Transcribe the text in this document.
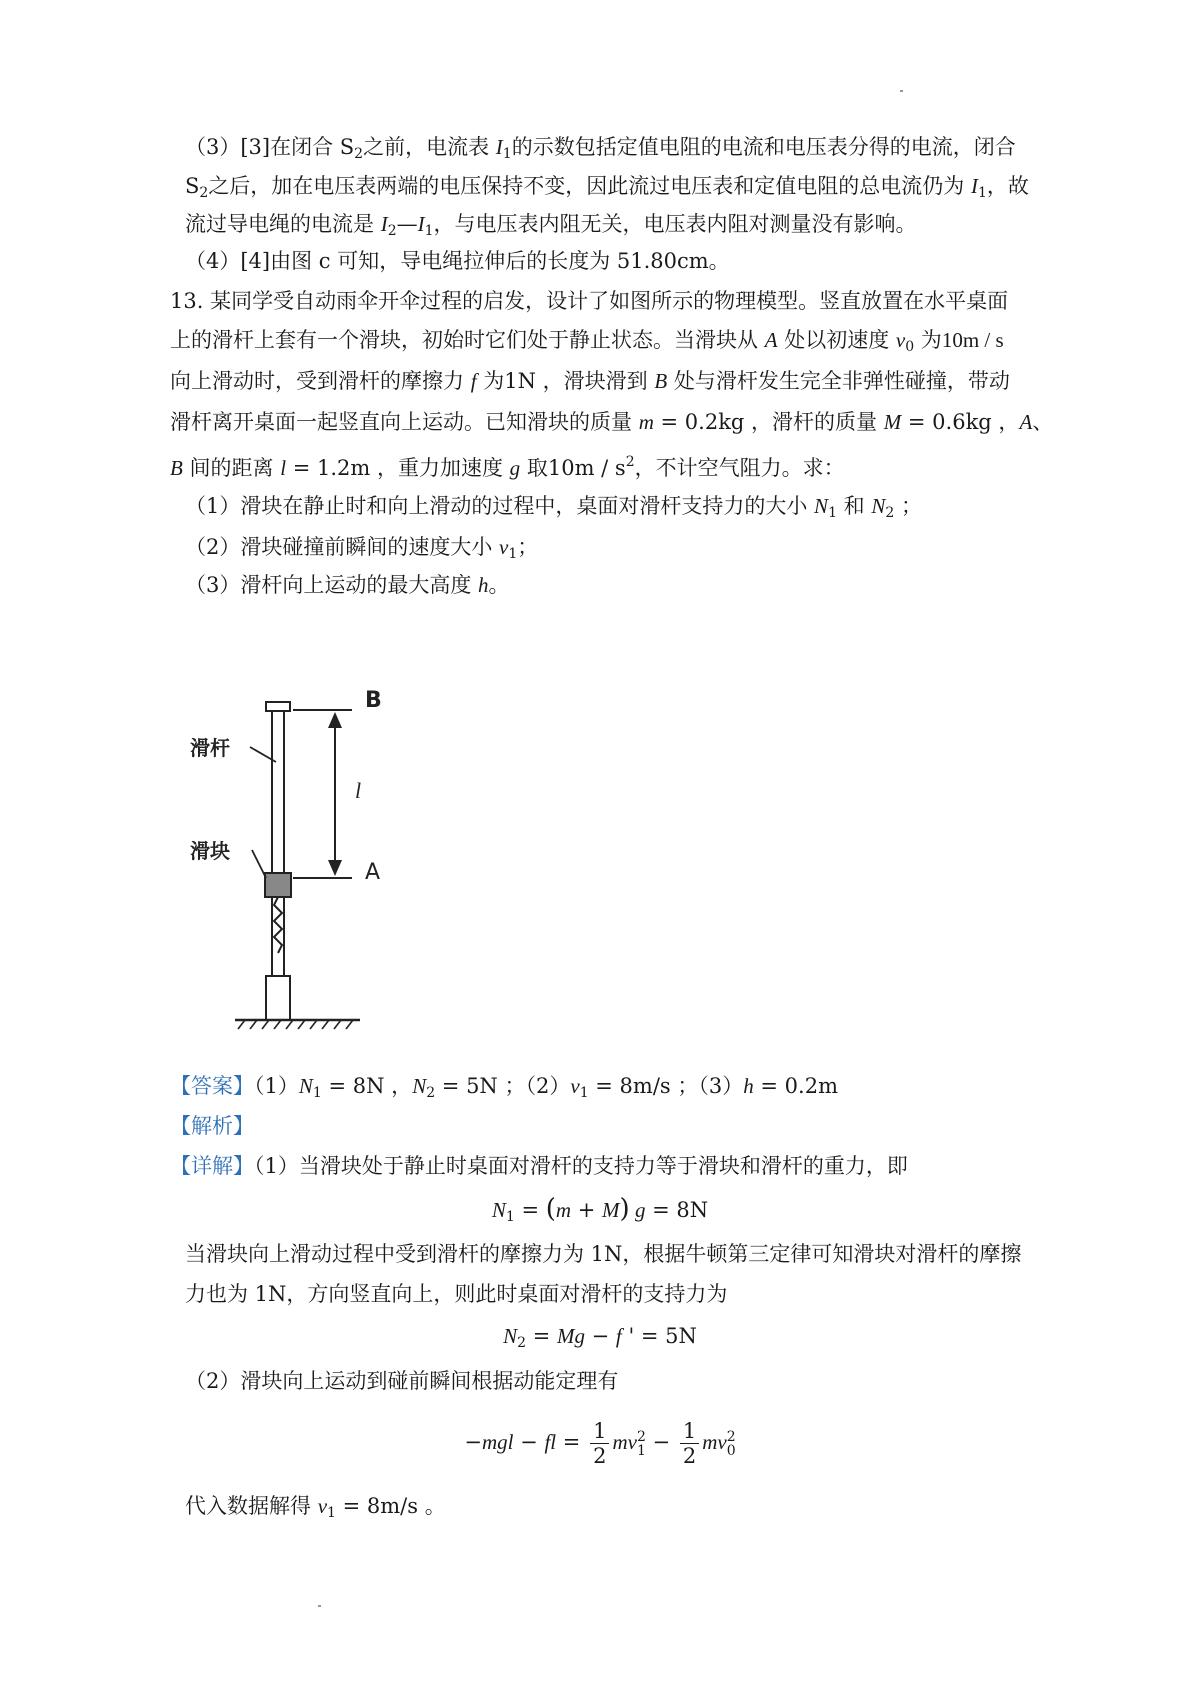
（3）[3]在闭合 $S_2$之前，电流表 $I_1$的示数包括定值电阻的电流和电压表分得的电流，闭合
$S_2$之后，加在电压表两端的电压保持不变，因此流过电压表和定值电阻的总电流仍为 $I_1$，故
流过导电绳的电流是 $I_2—I_1$，与电压表内阻无关，电压表内阻对测量没有影响。
（4）[4]由图 c 可知，导电绳拉伸后的长度为 51.80cm。
13. 某同学受自动雨伞开伞过程的启发，设计了如图所示的物理模型。竖直放置在水平桌面
上的滑杆上套有一个滑块，初始时它们处于静止状态。当滑块从 A 处以初速度 $v_0$ 为10m / s
向上滑动时，受到滑杆的摩擦力 f 为1N ，滑块滑到 B 处与滑杆发生完全非弹性碰撞，带动
滑杆离开桌面一起竖直向上运动。已知滑块的质量 m = 0.2kg ，滑杆的质量 M = 0.6kg ，A、
B 间的距离 l = 1.2m ，重力加速度 g 取$10m / s^2$，不计空气阻力。求：
（1）滑块在静止时和向上滑动的过程中，桌面对滑杆支持力的大小 $N_1$ 和 $N_2$ ；
（2）滑块碰撞前瞬间的速度大小 $v_1$；
（3）滑杆向上运动的最大高度 h。
B
A
l
滑杆
滑块
【答案】$(1)N_1 = 8N$ ，$N_2 = 5N$ ；$(2)v_1 = 8m/s$ ；（3）h = 0.2m
【解析】
【详解】（1）当滑块处于静止时桌面对滑杆的支持力等于滑块和滑杆的重力，即
$N_1 = (m + M) g = 8N$
当滑块向上滑动过程中受到滑杆的摩擦力为 1N，根据牛顿第三定律可知滑块对滑杆的摩擦
力也为 1N，方向竖直向上，则此时桌面对滑杆的支持力为
$N_2 = Mg - f$ ' = 5N
（2）滑块向上运动到碰前瞬间根据动能定理有
−mgl − fl = $\frac{1}{2}$ mv 2
$1 - \frac{1}{2}$ mv 2
0
代入数据解得 $v_1 = 8m/s$ 。
